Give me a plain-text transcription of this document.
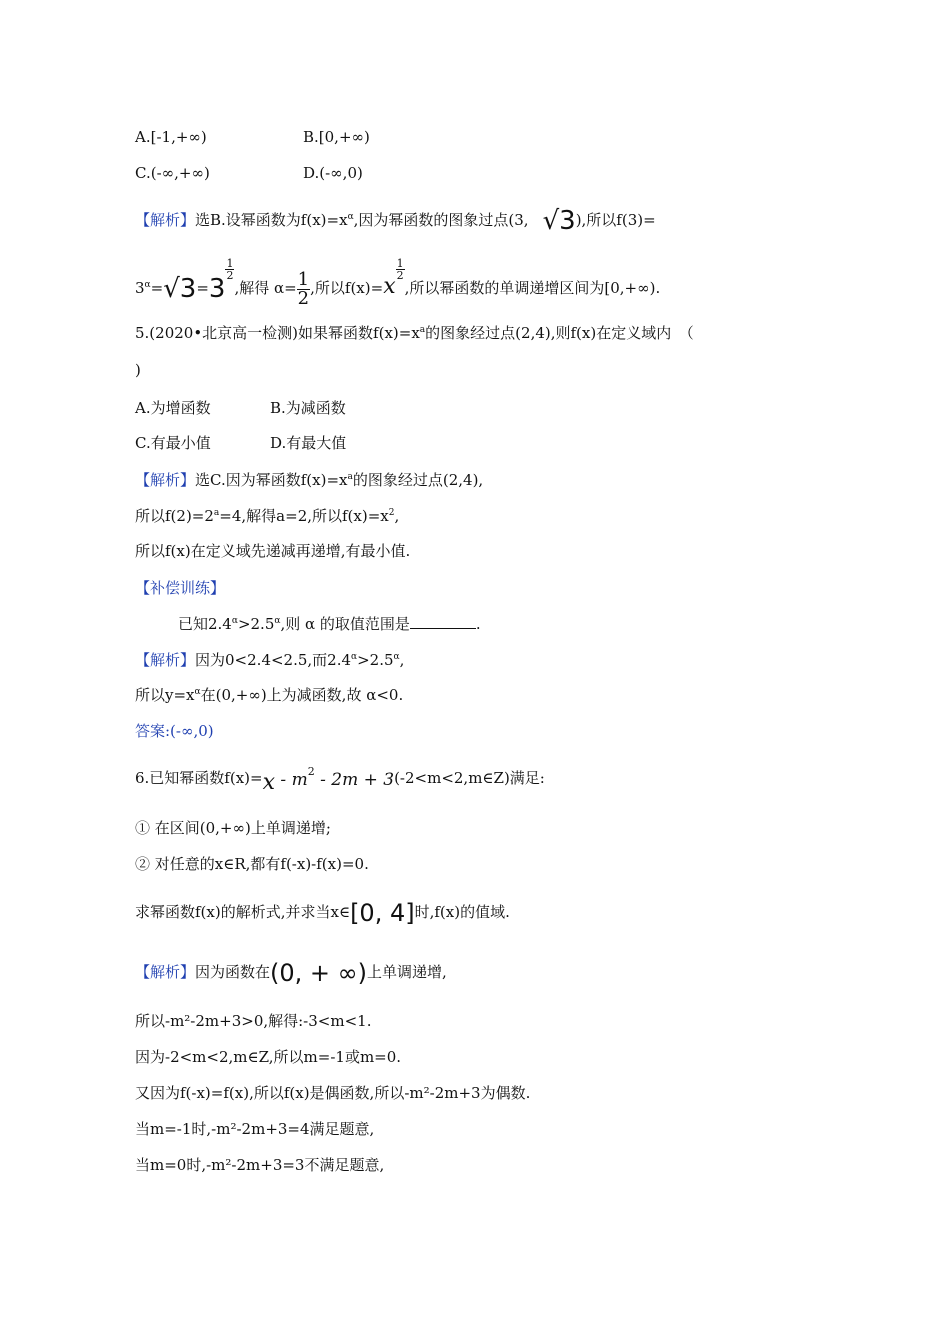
A.[-1,+∞)	B.[0,+∞)
C.(-∞,+∞)	D.(-∞,0)
【解析】选B.设幂函数为$f(x)=x^\alpha$,因为幂函数的图象过点(3, √3),所以f(3)=
$3^\alpha=√3=3$
$\frac{1}{2}$
,解得 $\alpha= \frac{1}{2}$ ,所以f(x)=x
$\frac{1}{2}$
,所以幂函数的单调递增区间为[0,+∞).
5.(2020•北京高一检测)如果幂函数$f(x)=x^a$的图象经过点(2,4),则f(x)在定义域内　（
)
A.为增函数	B.为减函数
C.有最小值	D.有最大值
【解析】选C.因为幂函数$f(x)=x^a$的图象经过点(2,4),
所以$f(2)=2^a=4$,解得a=2,所以$f(x)=x^2$,
所以f(x)在定义域先递减再递增,有最小值.
【补偿训练】
已知$2.4^\alpha>2.5^\alpha$,则 α 的取值范围是	.
【解析】因为0<2.4<2.5,而$2.4^\alpha>2.5^\alpha$,
所以$y=x^\alpha$在(0,+∞)上为减函数,故 α<0.
答案:(-∞,0)
6.已知幂函数$f(x)=x - m^2 - 2m$ + 3(-2<m<2,m∈Z)满足:
① 在区间(0,+∞)上单调递增;
② 对任意的x∈R,都有f(-x)-f(x)=0.
求幂函数f(x)的解析式,并求当x∈[0, 4]时,f(x)的值域.
【解析】因为函数在(0, + ∞)上单调递增,
所以-m²-2m+3>0,解得:-3<m<1.
因为-2<m<2,m∈Z,所以m=-1或m=0.
又因为f(-x)=f(x),所以f(x)是偶函数,所以-m²-2m+3为偶数.
当m=-1时,-m²-2m+3=4满足题意,
当m=0时,-m²-2m+3=3不满足题意,
